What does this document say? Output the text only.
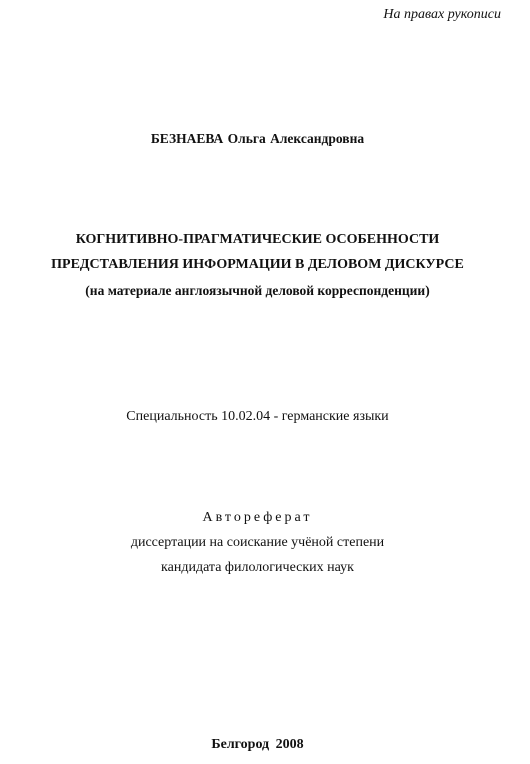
На правах рукописи
БЕЗНАЕВА Ольга Александровна
КОГНИТИВНО-ПРАГМАТИЧЕСКИЕ ОСОБЕННОСТИ
ПРЕДСТАВЛЕНИЯ ИНФОРМАЦИИ В ДЕЛОВОМ ДИСКУРСЕ
(на материале англоязычной деловой корреспонденции)
Специальность 10.02.04 - германские языки
Автореферат
диссертации на соискание учёной степени
кандидата филологических наук
Белгород 2008
